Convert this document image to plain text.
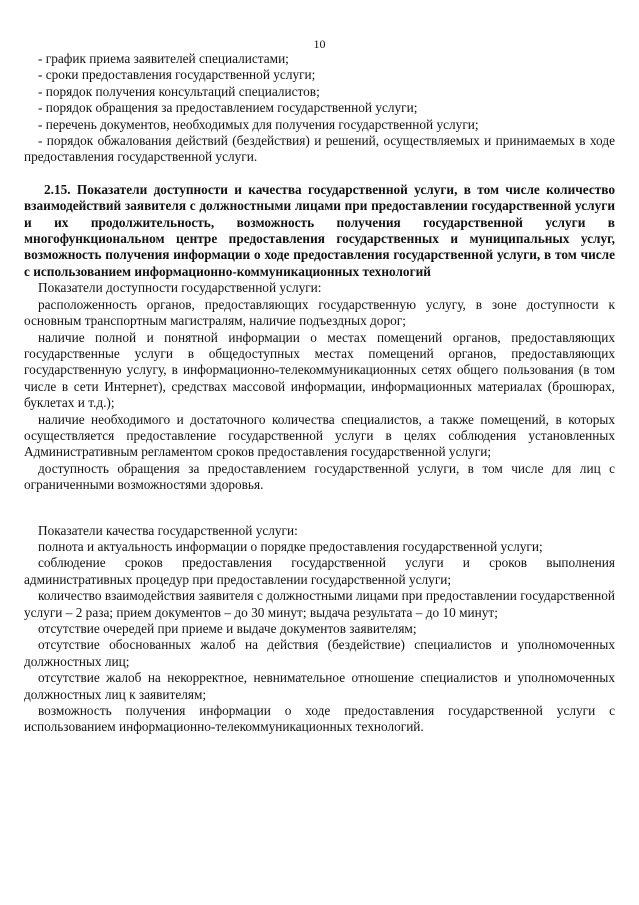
10

- график приема заявителей специалистами;

- сроки предоставления государственной услуги;

- порядок получения консультаций специалистов;

- порядок обращения за предоставлением государственной услуги;

- перечень документов, необходимых для получения государственной услуги;

- порядок обжалования действий (бездействия) и решений, осуществляемых и принимаемых в ходе предоставления государственной услуги.

2.15. Показатели доступности и качества государственной услуги, в том числе количество взаимодействий заявителя с должностными лицами при предоставлении государственной услуги и их продолжительность, возможность получения государственной услуги в многофункциональном центре предоставления государственных и муниципальных услуг, возможность получения информации о ходе предоставления государственной услуги, в том числе с использованием информационно-коммуникационных технологий

Показатели доступности государственной услуги:

расположенность органов, предоставляющих государственную услугу, в зоне доступности к основным транспортным магистралям, наличие подъездных дорог;

наличие полной и понятной информации о местах помещений органов, предоставляющих государственные услуги в общедоступных местах помещений органов, предоставляющих государственную услугу, в информационно-телекоммуникационных сетях общего пользования (в том числе в сети Интернет), средствах массовой информации, информационных материалах (брошюрах, буклетах и т.д.);

наличие необходимого и достаточного количества специалистов, а также помещений, в которых осуществляется предоставление государственной услуги в целях соблюдения установленных Административным регламентом сроков предоставления государственной услуги;

доступность обращения за предоставлением государственной услуги, в том числе для лиц с ограниченными возможностями здоровья.

Показатели качества государственной услуги:

полнота и актуальность информации о порядке предоставления государственной услуги;

соблюдение сроков предоставления государственной услуги и сроков выполнения административных процедур при предоставлении государственной услуги;

количество взаимодействия заявителя с должностными лицами при предоставлении государственной услуги – 2 раза; прием документов – до 30 минут; выдача результата – до 10 минут;

отсутствие очередей при приеме и выдаче документов заявителям;

отсутствие обоснованных жалоб на действия (бездействие) специалистов и уполномоченных должностных лиц;

отсутствие жалоб на некорректное, невнимательное отношение специалистов и уполномоченных должностных лиц к заявителям;

возможность получения информации о ходе предоставления государственной услуги с использованием информационно-телекоммуникационных технологий.
